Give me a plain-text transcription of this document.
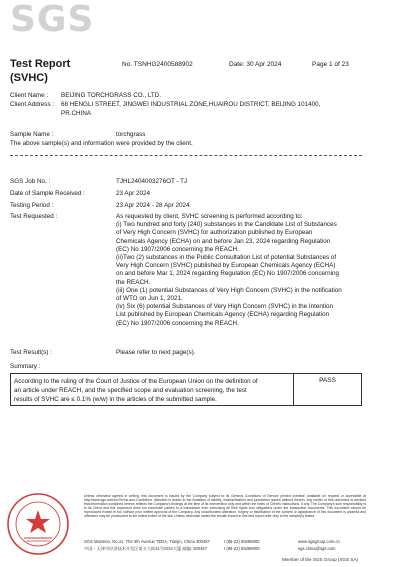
SGS
Test Report
(SVHC)
No. TSNHG2400588902	Date: 30 Apr 2024	Page 1 of 23
Client Name : BEIJING TORCHGRASS CO., LTD.
Client Address : 68 HENGLI STREET, JINGWEI INDUSTRIAL ZONE,HUAIROU DISTRICT, BEIJING 101400,
PR.CHINA
Sample Name :	torchgrass
The above sample(s) and information were provided by the client.
SGS Job No. :	TJHL2404003276OT - TJ
Date of Sample Received :	23 Apr 2024
Testing Period :	23 Apr 2024 - 28 Apr 2024
Test Requested :	As requested by client, SVHC screening is performed according to:

(i) Two hundred and forty (240) substances in the Candidate List of Substances

of Very High Concern (SVHC) for authorization published by European

Chemicals Agency (ECHA) on and before Jan 23, 2024 regarding Regulation

(EC) No 1907/2006 concerning the REACH.

(ii)Two (2) substances in the Public Consultation List of potential Substances of

Very High Concern (SVHC) published by European Chemicals Agency (ECHA)

on and before Mar 1, 2024 regarding Regulation (EC) No 1907/2006 concerning

the REACH.

(iii) One (1) potential Substances of Very High Concern (SVHC) in the notification

of WTO on Jun 1, 2021.

(iv) Six (6) potential Substances of Very High Concern (SVHC) in the Intention

List published by European Chemicals Agency (ECHA) regarding Regulation

(EC) No 1907/2006 concerning the REACH.

Test Result(s) :	Please refer to next page(s).
Summary :
According to the ruling of the Court of Justice of the European Union on the definition of
an article under REACH, and the specified scope and evaluation screening, the test
results of SVHC are ≤ 0.1% (w/w) in the articles of the submitted sample.
PASS
Unless otherwise agreed in writing, this document is issued by the Company subject to its General Conditions of Service printed overleaf, available on request or accessible at http://www.sgs.com/en/Terms-and-Conditions. Attention is drawn to the limitation of liability, indemnification and jurisdiction issues defined therein. Any holder of this document is advised that information contained hereon reflects the Company's findings at the time of its intervention only and within the limits of Client's instructions, if any. The Company's sole responsibility is to its Client and this document does not exonerate parties to a transaction from exercising all their rights and obligations under the transaction documents. This document cannot be reproduced except in full, without prior written approval of the Company. Any unauthorized alteration, forgery or falsification of the content or appearance of this document is unlawful and offenders may be prosecuted to the fullest extent of the law. Unless otherwise stated the results shown in this test report refer only to the sample(s) tested.
SGS Mansion, No.41, The 5th Avenue TEDA, Tianjin, China 300457
中国・天津市经济技术开发区第五大街41号SGS大厦 邮编: 300457
t (86-22) 65288000
t (86-22) 65288000
www.sgsgroup.com.cn
sgs.china@sgs.com
Member of the SGS Group (SGS SA)
